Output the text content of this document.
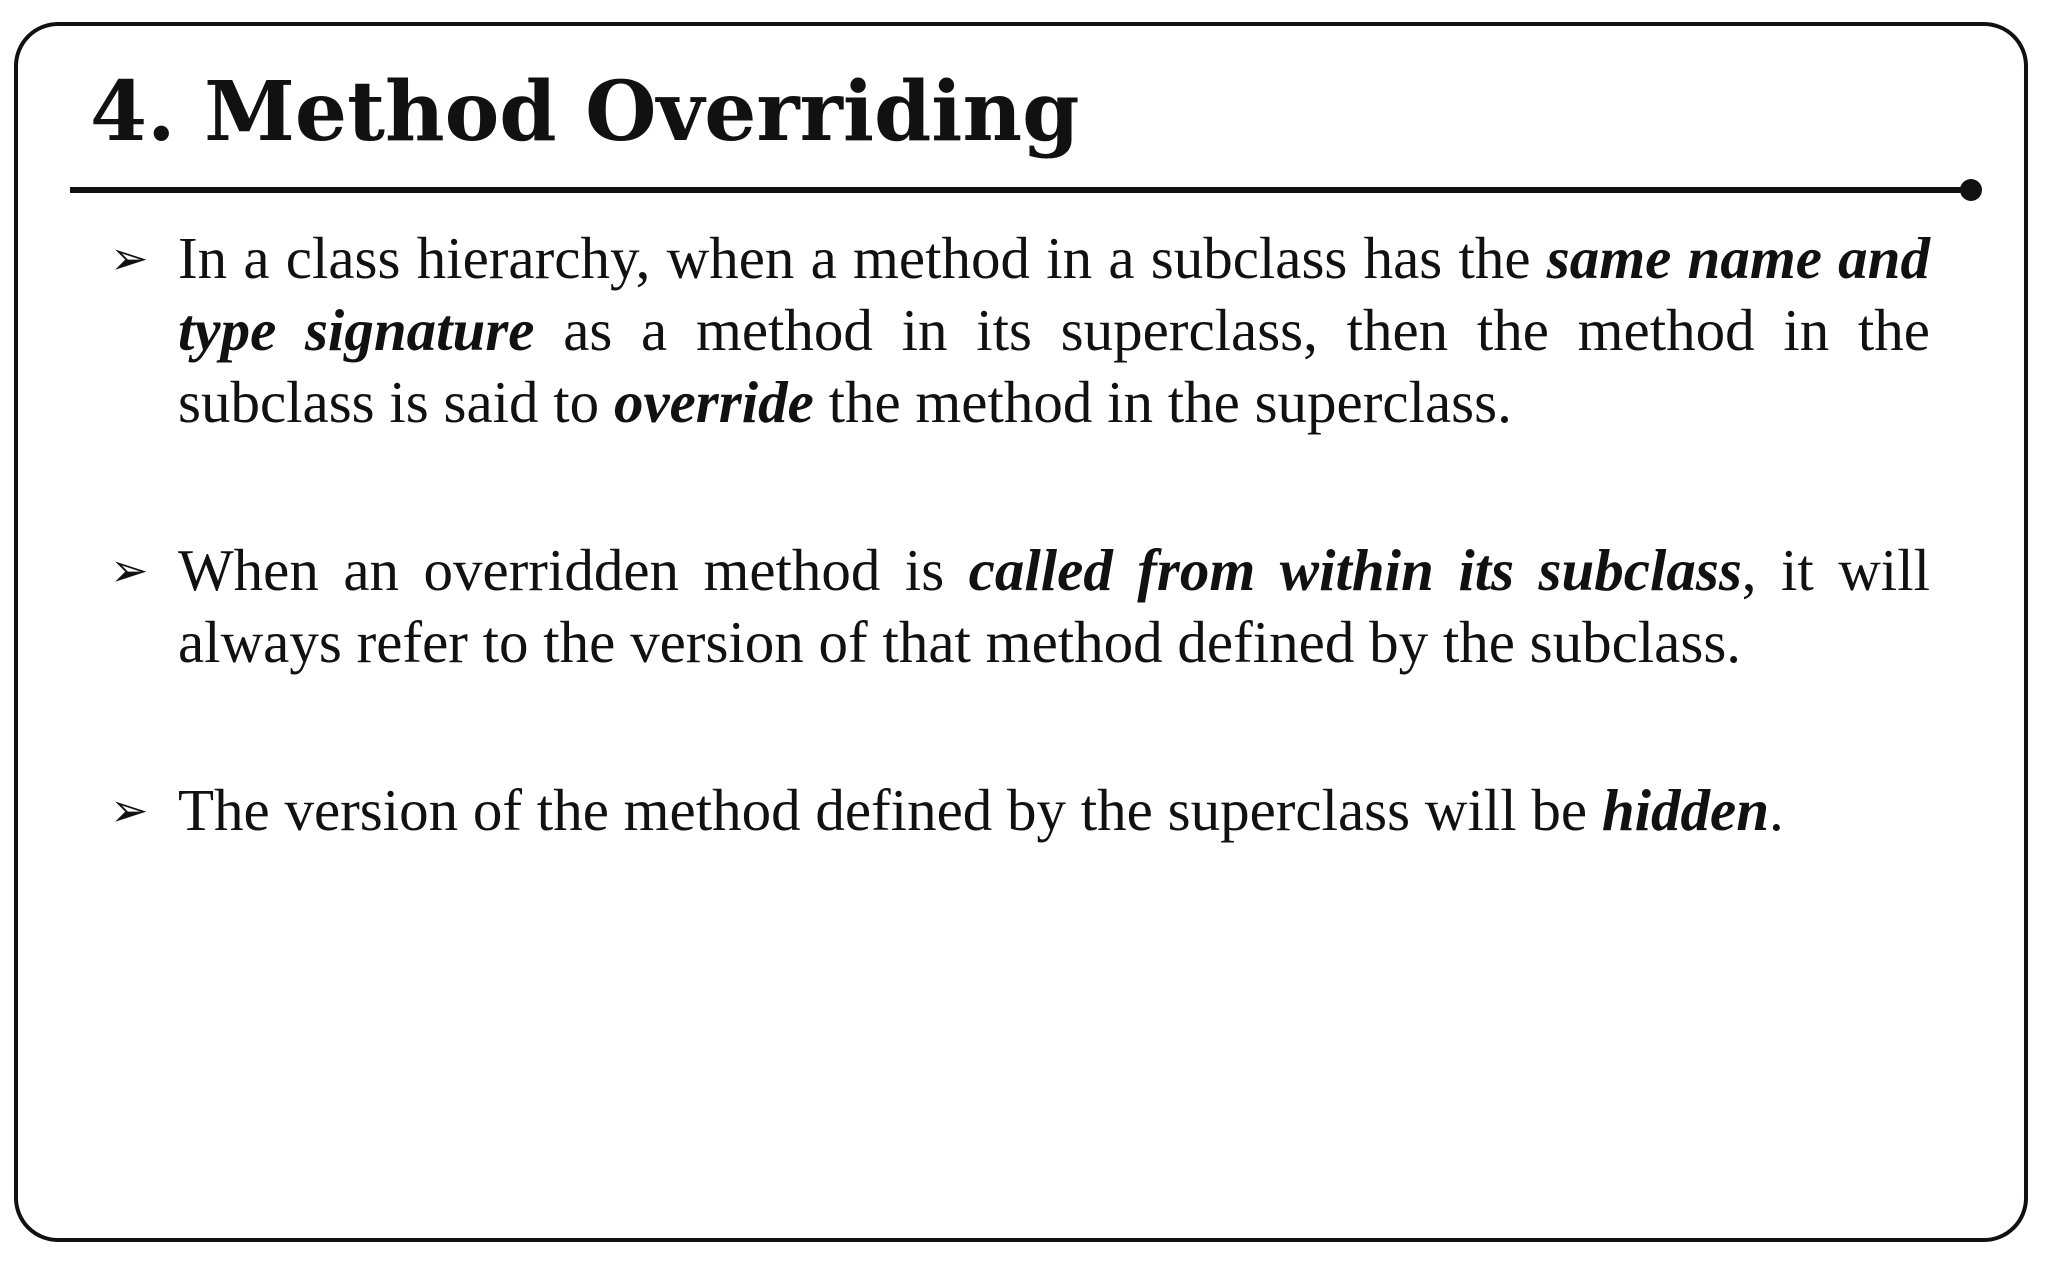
4. Method Overriding
➢ In a class hierarchy, when a method in a subclass has the same name and type signature as a method in its superclass, then the method in the subclass is said to override the method in the superclass.
➢ When an overridden method is called from within its subclass, it will always refer to the version of that method defined by the subclass.
➢ The version of the method defined by the superclass will be hidden.
